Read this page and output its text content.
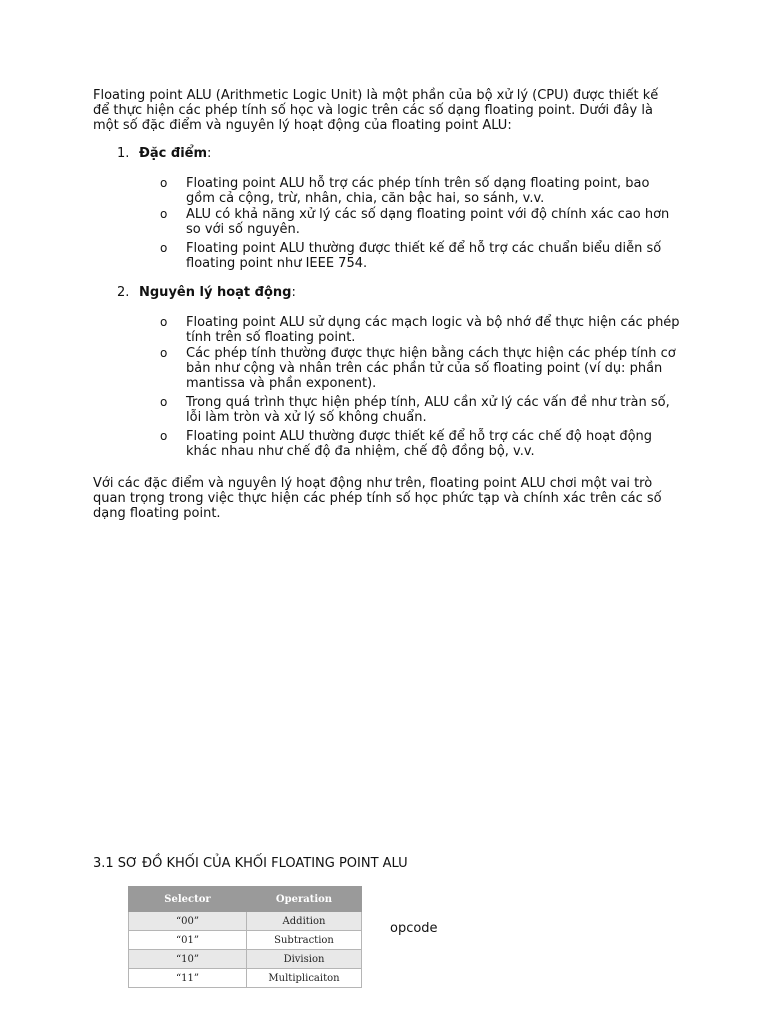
Floating point ALU (Arithmetic Logic Unit) là một phần của bộ xử lý (CPU) được thiết kế để thực hiện các phép tính số học và logic trên các số dạng floating point. Dưới đây là một số đặc điểm và nguyên lý hoạt động của floating point ALU:

1. Đặc điểm:
o Floating point ALU hỗ trợ các phép tính trên số dạng floating point, bao gồm cả cộng, trừ, nhân, chia, căn bậc hai, so sánh, v.v.
o ALU có khả năng xử lý các số dạng floating point với độ chính xác cao hơn so với số nguyên.
o Floating point ALU thường được thiết kế để hỗ trợ các chuẩn biểu diễn số floating point như IEEE 754.
2. Nguyên lý hoạt động:
o Floating point ALU sử dụng các mạch logic và bộ nhớ để thực hiện các phép tính trên số floating point.
o Các phép tính thường được thực hiện bằng cách thực hiện các phép tính cơ bản như cộng và nhân trên các phần tử của số floating point (ví dụ: phần mantissa và phần exponent).
o Trong quá trình thực hiện phép tính, ALU cần xử lý các vấn đề như tràn số, lỗi làm tròn và xử lý số không chuẩn.
o Floating point ALU thường được thiết kế để hỗ trợ các chế độ hoạt động khác nhau như chế độ đa nhiệm, chế độ đồng bộ, v.v.

Với các đặc điểm và nguyên lý hoạt động như trên, floating point ALU chơi một vai trò quan trọng trong việc thực hiện các phép tính số học phức tạp và chính xác trên các số dạng floating point.

3.1 SƠ ĐỒ KHỐI CỦA KHỐI FLOATING POINT ALU
Selector	Operation
“00”	Addition
“01”	Subtraction
“10”	Division
“11”	Multiplicaiton
opcode
